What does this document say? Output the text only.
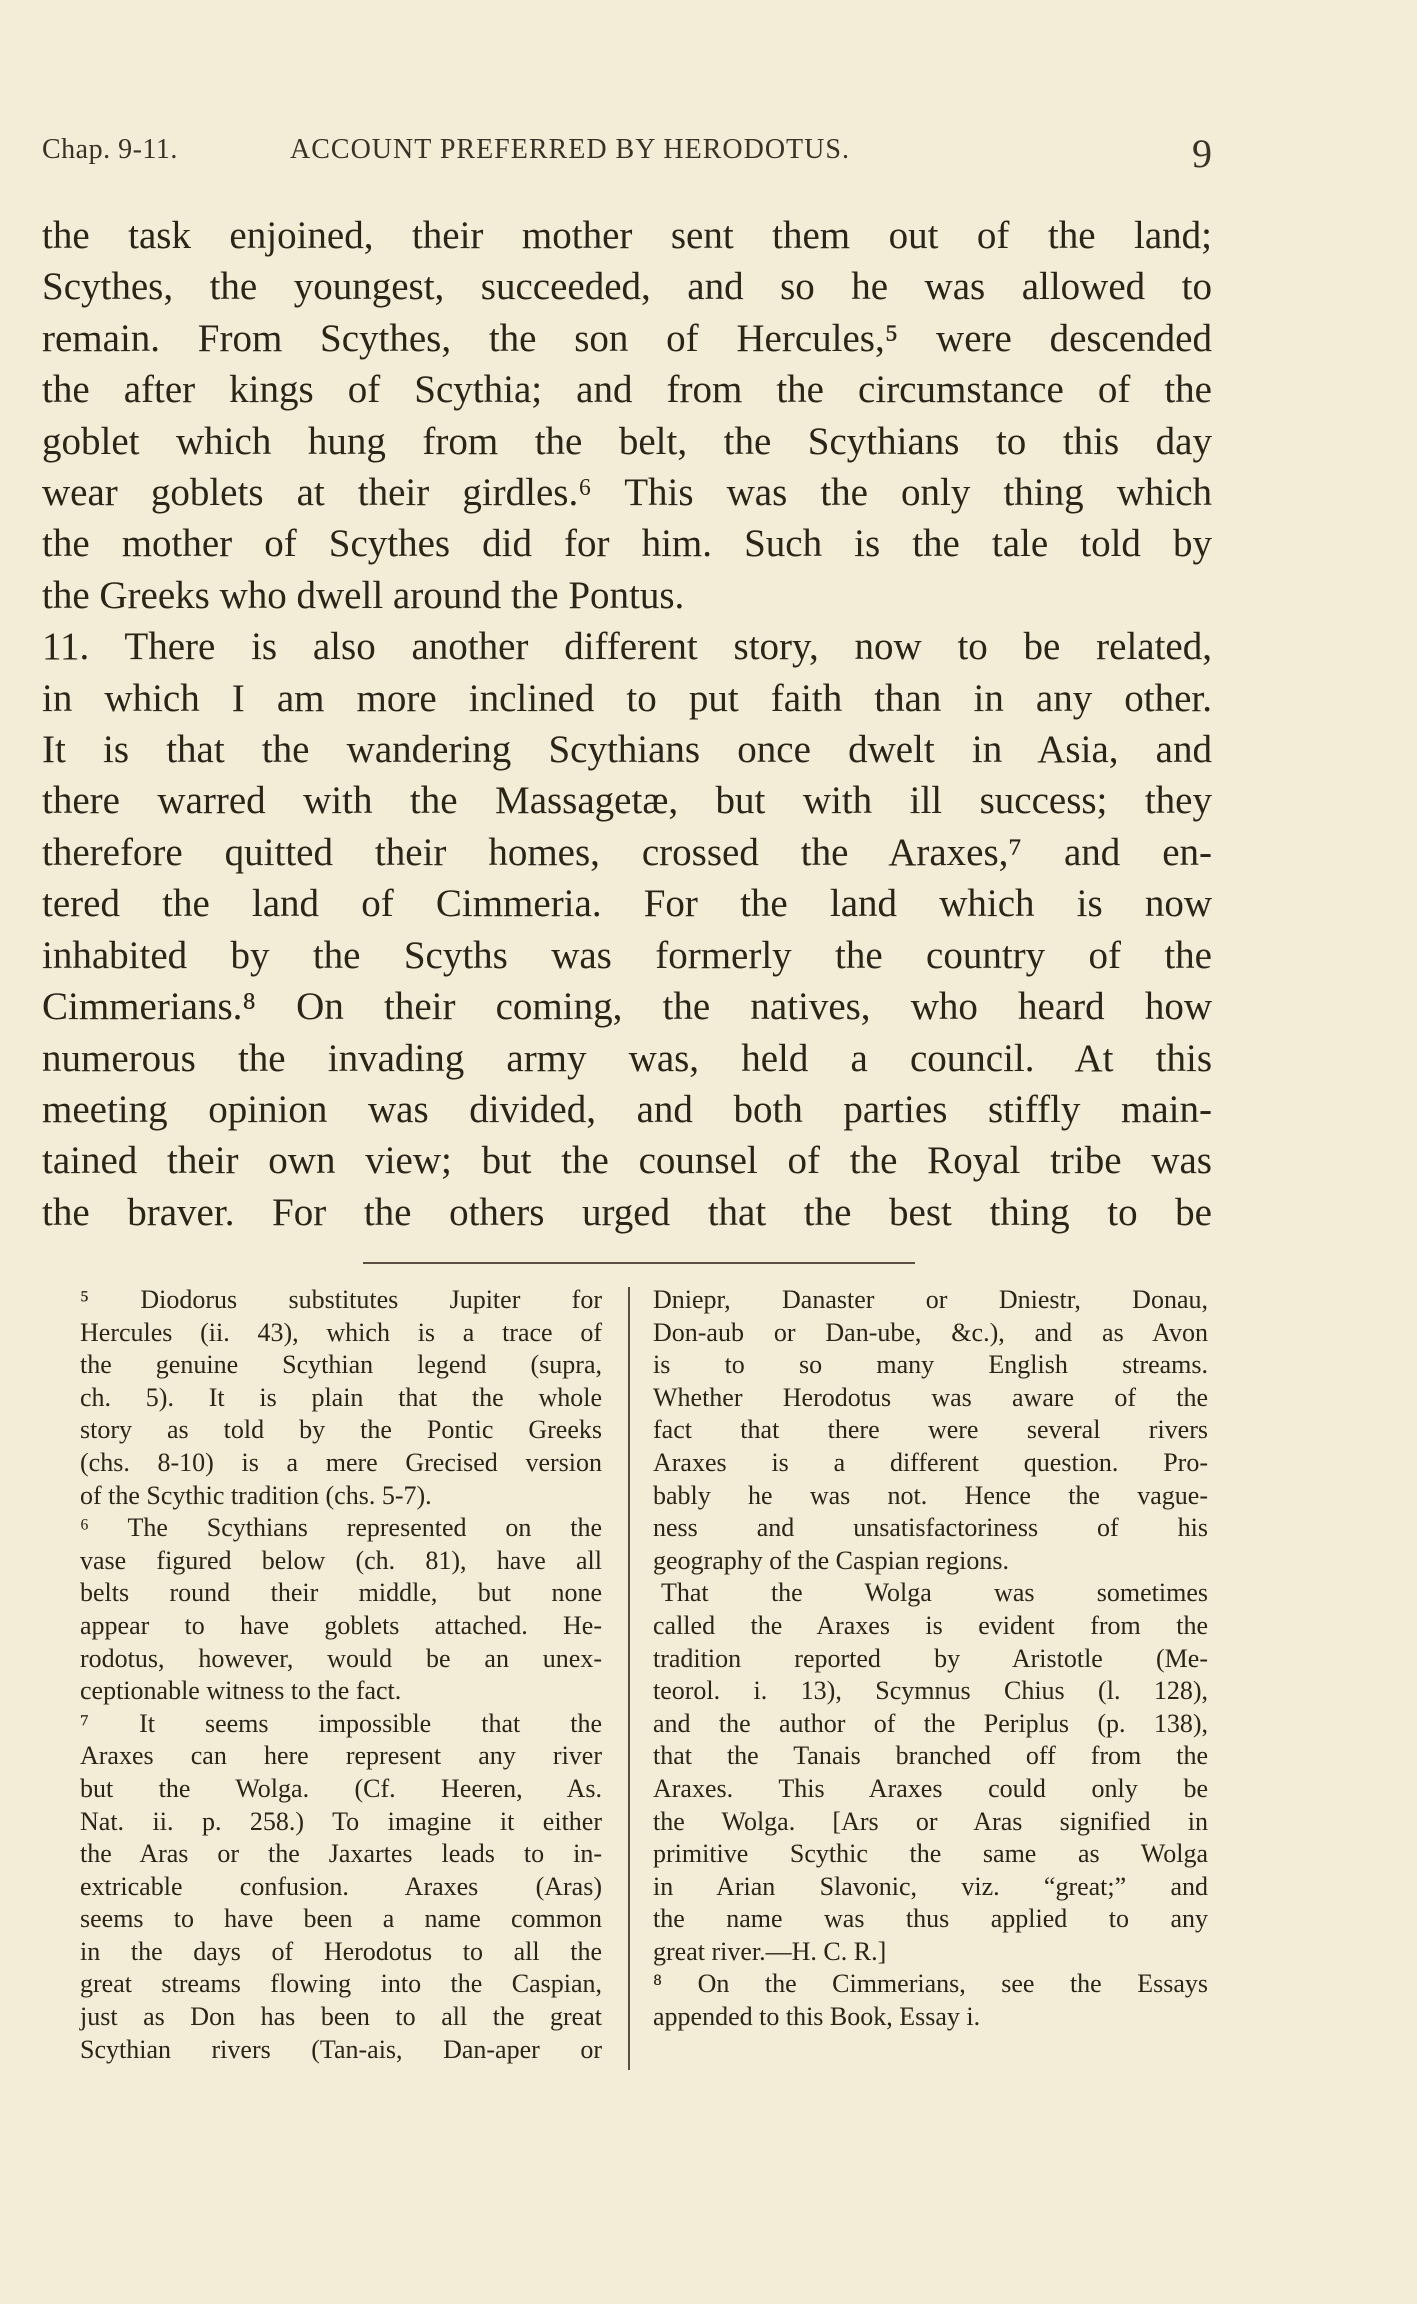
Chap. 9-11.	ACCOUNT PREFERRED BY HERODOTUS.	9
the task enjoined, their mother sent them out of the land;
Scythes, the youngest, succeeded, and so he was allowed to
remain. From Scythes, the son of Hercules,⁵ were descended
the after kings of Scythia; and from the circumstance of the
goblet which hung from the belt, the Scythians to this day
wear goblets at their girdles.⁶ This was the only thing which
the mother of Scythes did for him. Such is the tale told by
the Greeks who dwell around the Pontus.
11. There is also another different story, now to be related,
in which I am more inclined to put faith than in any other.
It is that the wandering Scythians once dwelt in Asia, and
there warred with the Massagetæ, but with ill success; they
therefore quitted their homes, crossed the Araxes,⁷ and en-
tered the land of Cimmeria. For the land which is now
inhabited by the Scyths was formerly the country of the
Cimmerians.⁸ On their coming, the natives, who heard how
numerous the invading army was, held a council. At this
meeting opinion was divided, and both parties stiffly main-
tained their own view; but the counsel of the Royal tribe was
the braver. For the others urged that the best thing to be
⁵ Diodorus substitutes Jupiter for
Hercules (ii. 43), which is a trace of
the genuine Scythian legend (supra,
ch. 5). It is plain that the whole
story as told by the Pontic Greeks
(chs. 8-10) is a mere Grecised version
of the Scythic tradition (chs. 5-7).
⁶ The Scythians represented on the
vase figured below (ch. 81), have all
belts round their middle, but none
appear to have goblets attached. He-
rodotus, however, would be an unex-
ceptionable witness to the fact.
⁷ It seems impossible that the
Araxes can here represent any river
but the Wolga. (Cf. Heeren, As.
Nat. ii. p. 258.) To imagine it either
the Aras or the Jaxartes leads to in-
extricable confusion. Araxes (Aras)
seems to have been a name common
in the days of Herodotus to all the
great streams flowing into the Caspian,
just as Don has been to all the great
Scythian rivers (Tan-ais, Dan-aper or
Dniepr, Danaster or Dniestr, Donau,
Don-aub or Dan-ube, &c.), and as Avon
is to so many English streams.
Whether Herodotus was aware of the
fact that there were several rivers
Araxes is a different question. Pro-
bably he was not. Hence the vague-
ness and unsatisfactoriness of his
geography of the Caspian regions.
That the Wolga was sometimes
called the Araxes is evident from the
tradition reported by Aristotle (Me-
teorol. i. 13), Scymnus Chius (l. 128),
and the author of the Periplus (p. 138),
that the Tanais branched off from the
Araxes. This Araxes could only be
the Wolga. [Ars or Aras signified in
primitive Scythic the same as Wolga
in Arian Slavonic, viz. “great;” and
the name was thus applied to any
great river.—H. C. R.]
⁸ On the Cimmerians, see the Essays
appended to this Book, Essay i.
